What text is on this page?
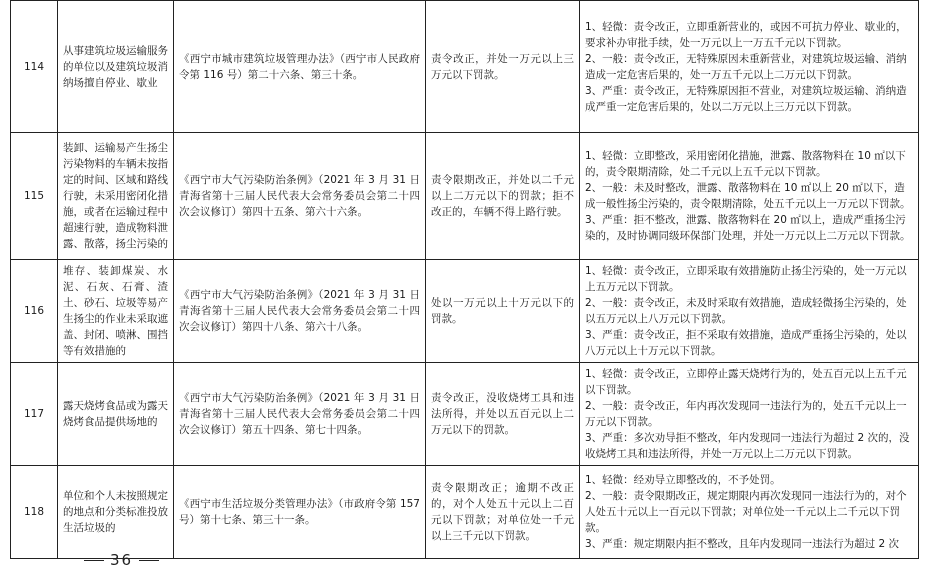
114	从事建筑垃圾运输服务的单位以及建筑垃圾消纳场擅自停业、歇业	《西宁市城市建筑垃圾管理办法》（西宁市人民政府令第 116 号）第二十六条、第三十条。	责令改正，并处一万元以上三万元以下罚款。	1、轻微：责令改正，立即重新营业的，或因不可抗力停业、歇业的，要求补办审批手续，处一万元以上一万五千元以下罚款。
2、一般：责令改正，无特殊原因未重新营业，对建筑垃圾运输、消纳造成一定危害后果的，处一万五千元以上二万元以下罚款。
3、严重：责令改正，无特殊原因拒不营业，对建筑垃圾运输、消纳造成严重一定危害后果的，处以二万元以上三万元以下罚款。

115	装卸、运输易产生扬尘污染物料的车辆未按指定的时间、区域和路线行驶，未采用密闭化措施，或者在运输过程中超速行驶，造成物料泄露、散落，扬尘污染的	《西宁市大气污染防治条例》（2021 年 3 月 31 日青海省第十三届人民代表大会常务委员会第二十四次会议修订）第四十五条、第六十六条。	责令限期改正，并处以二千元以上二万元以下的罚款；拒不改正的，车辆不得上路行驶。	1、轻微：立即整改，采用密闭化措施，泄露、散落物料在 10 ㎡以下的，责令限期清除，处二千元以上五千元以下罚款。
2、一般：未及时整改，泄露、散落物料在 10 ㎡以上 20 ㎡以下，造成一般性扬尘污染的，责令限期清除，处五千元以上一万元以下罚款。
3、严重：拒不整改，泄露、散落物料在 20 ㎡以上，造成严重扬尘污染的，及时协调同级环保部门处理，并处一万元以上二万元以下罚款。

116	堆存、装卸煤炭、水泥、石灰、石膏、渣土、砂石、垃圾等易产生扬尘的作业未采取遮盖、封闭、喷淋、围挡等有效措施的	《西宁市大气污染防治条例》（2021 年 3 月 31 日青海省第十三届人民代表大会常务委员会第二十四次会议修订）第四十八条、第六十八条。	处以一万元以上十万元以下的罚款。	1、轻微：责令改正，立即采取有效措施防止扬尘污染的，处一万元以上五万元以下罚款。
2、一般：责令改正，未及时采取有效措施，造成轻微扬尘污染的，处以五万元以上八万元以下罚款。
3、严重：责令改正，拒不采取有效措施，造成严重扬尘污染的，处以八万元以上十万元以下罚款。

117	露天烧烤食品或为露天烧烤食品提供场地的	《西宁市大气污染防治条例》（2021 年 3 月 31 日青海省第十三届人民代表大会常务委员会第二十四次会议修订）第五十四条、第七十四条。	责令改正，没收烧烤工具和违法所得，并处以五百元以上二万元以下的罚款。	1、轻微：责令改正，立即停止露天烧烤行为的，处五百元以上五千元以下罚款。
2、一般：责令改正，年内再次发现同一违法行为的，处五千元以上一万元以下罚款。
3、严重：多次劝导拒不整改，年内发现同一违法行为超过 2 次的，没收烧烤工具和违法所得，并处一万元以上二万元以下罚款。

118	单位和个人未按照规定的地点和分类标准投放生活垃圾的	《西宁市生活垃圾分类管理办法》（市政府令第 157 号）第十七条、第三十一条。	责令限期改正；逾期不改正的，对个人处五十元以上二百元以下罚款；对单位处一千元以上三千元以下罚款。	1、轻微：经劝导立即整改的，不予处罚。
2、一般：责令限期改正，规定期限内再次发现同一违法行为的，对个人处五十元以上一百元以下罚款；对单位处一千元以上二千元以下罚款。
3、严重：规定期限内拒不整改，且年内发现同一违法行为超过 2 次
36
